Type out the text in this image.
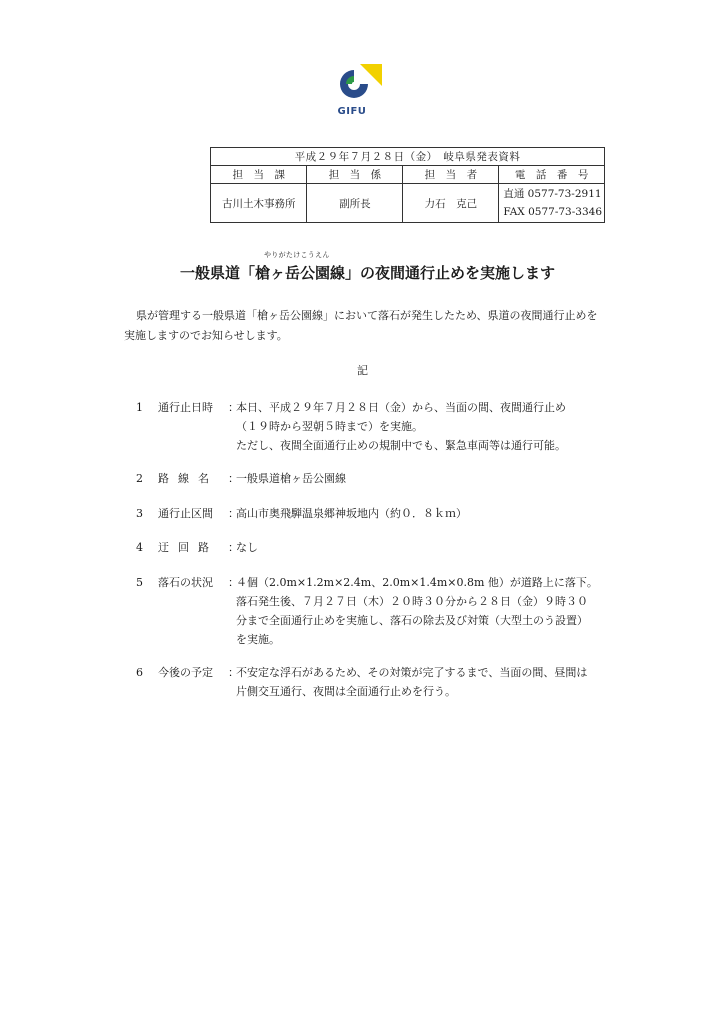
GIFU
平成２９年７月２８日（金）　岐阜県発表資料			
担　当　課	担　当　係	担　当　者	電　話　番　号
古川土木事務所	副所長	力石　克己	直通 0577-73-2911
FAX 0577-73-3346
やりがたけこうえん
一般県道「槍ヶ岳公園線」の夜間通行止めを実施します
県が管理する一般県道「槍ヶ岳公園線」において落石が発生したため、県道の夜間通行止めを実施しますのでお知らせします。
記
1	通行止日時	：
本日、平成２９年７月２８日（金）から、当面の間、夜間通行止め
（１９時から翌朝５時まで）を実施。
ただし、夜間全面通行止めの規制中でも、緊急車両等は通行可能。
2	路線名 ：
一般県道槍ヶ岳公園線
3	通行止区間	：
高山市奥飛騨温泉郷神坂地内（約０．８ｋｍ）
4	迂回路 ：
なし
5	落石の状況	：
４個（2.0m×1.2m×2.4m、2.0m×1.4m×0.8m 他）が道路上に落下。
落石発生後、７月２７日（木）２０時３０分から２８日（金）９時３０
分まで全面通行止めを実施し、落石の除去及び対策（大型土のう設置）
を実施。
6	今後の予定	：
不安定な浮石があるため、その対策が完了するまで、当面の間、昼間は
片側交互通行、夜間は全面通行止めを行う。
